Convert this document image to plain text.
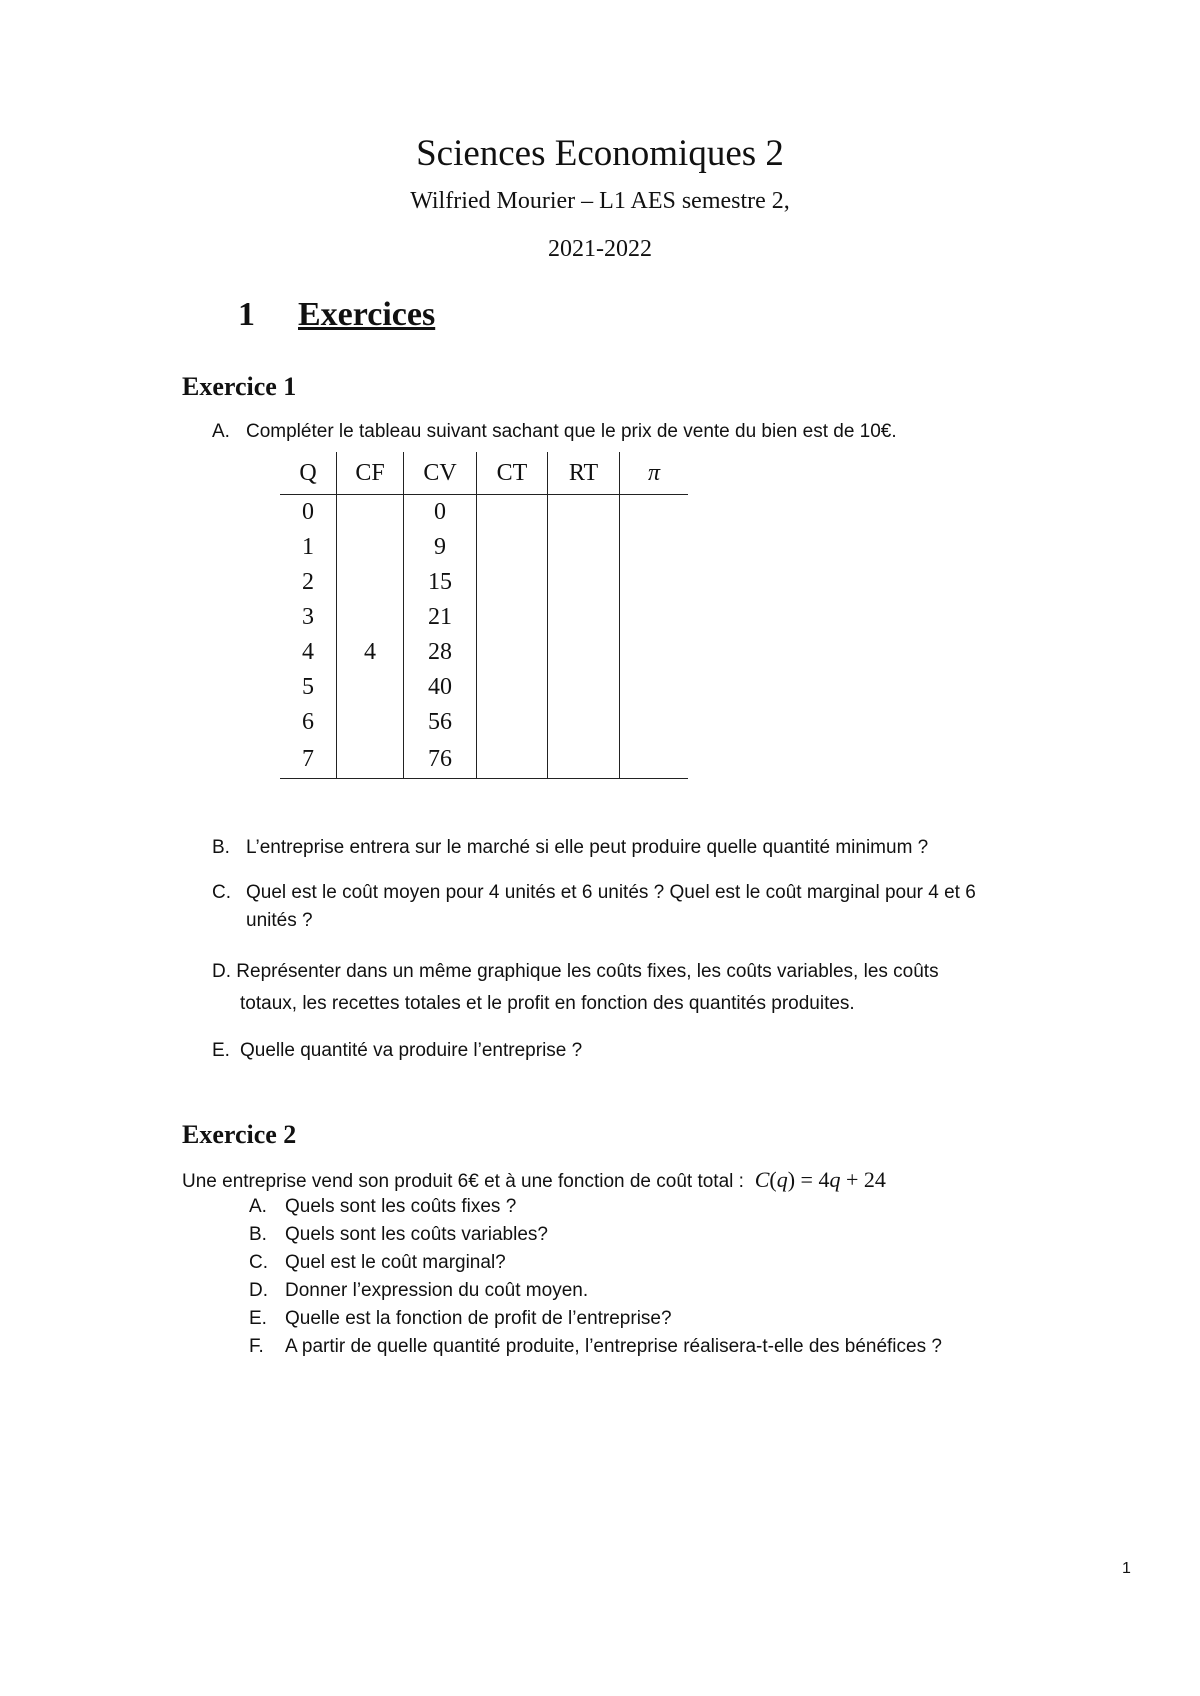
Sciences Economiques 2
Wilfried Mourier – L1 AES semestre 2,
2021-2022
1 Exercices
Exercice 1
A. Compléter le tableau suivant sachant que le prix de vente du bien est de 10€.
Q	CF	CV	CT	RT	π
0		0			
1		9			
2		15			
3		21			
4	4	28			
5		40			
6		56			
7		76			
B. L’entreprise entrera sur le marché si elle peut produire quelle quantité minimum ?
C. Quel est le coût moyen pour 4 unités et 6 unités ? Quel est le coût marginal pour 4 et 6
unités ?
D. Représenter dans un même graphique les coûts fixes, les coûts variables, les coûts
totaux, les recettes totales et le profit en fonction des quantités produites.
E. Quelle quantité va produire l’entreprise ?
Exercice 2
Une entreprise vend son produit 6€ et à une fonction de coût total : C(q) = 4q + 24
A. Quels sont les coûts fixes ?
B. Quels sont les coûts variables?
C. Quel est le coût marginal?
D. Donner l’expression du coût moyen.
E. Quelle est la fonction de profit de l’entreprise?
F. A partir de quelle quantité produite, l’entreprise réalisera-t-elle des bénéfices ?
1
